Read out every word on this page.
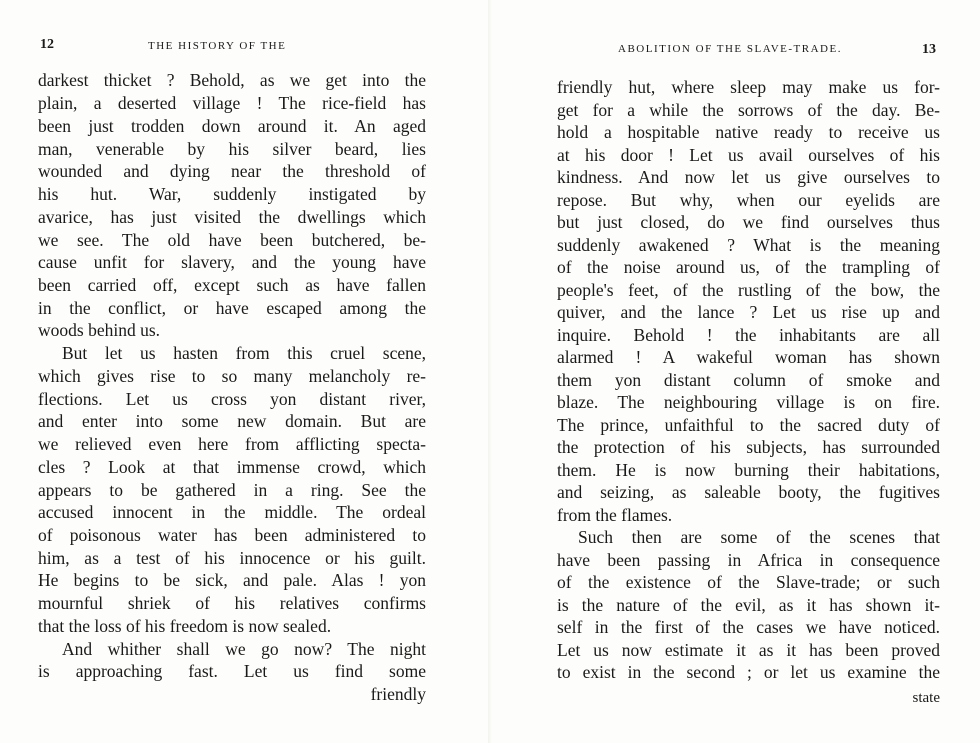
12	THE HISTORY OF THE
darkest thicket ? Behold, as we get into the
plain, a deserted village ! The rice-field has
been just trodden down around it. An aged
man, venerable by his silver beard, lies
wounded and dying near the threshold of
his hut. War, suddenly instigated by
avarice, has just visited the dwellings which
we see. The old have been butchered, be-
cause unfit for slavery, and the young have
been carried off, except such as have fallen
in the conflict, or have escaped among the
woods behind us.
But let us hasten from this cruel scene,
which gives rise to so many melancholy re-
flections. Let us cross yon distant river,
and enter into some new domain. But are
we relieved even here from afflicting specta-
cles ? Look at that immense crowd, which
appears to be gathered in a ring. See the
accused innocent in the middle. The ordeal
of poisonous water has been administered to
him, as a test of his innocence or his guilt.
He begins to be sick, and pale. Alas ! yon
mournful shriek of his relatives confirms
that the loss of his freedom is now sealed.
And whither shall we go now? The night
is approaching fast. Let us find some
friendly
ABOLITION OF THE SLAVE-TRADE.	13
friendly hut, where sleep may make us for-
get for a while the sorrows of the day. Be-
hold a hospitable native ready to receive us
at his door ! Let us avail ourselves of his
kindness. And now let us give ourselves to
repose. But why, when our eyelids are
but just closed, do we find ourselves thus
suddenly awakened ? What is the meaning
of the noise around us, of the trampling of
people's feet, of the rustling of the bow, the
quiver, and the lance ? Let us rise up and
inquire. Behold ! the inhabitants are all
alarmed ! A wakeful woman has shown
them yon distant column of smoke and
blaze. The neighbouring village is on fire.
The prince, unfaithful to the sacred duty of
the protection of his subjects, has surrounded
them. He is now burning their habitations,
and seizing, as saleable booty, the fugitives
from the flames.
Such then are some of the scenes that
have been passing in Africa in consequence
of the existence of the Slave-trade; or such
is the nature of the evil, as it has shown it-
self in the first of the cases we have noticed.
Let us now estimate it as it has been proved
to exist in the second ; or let us examine the
state
